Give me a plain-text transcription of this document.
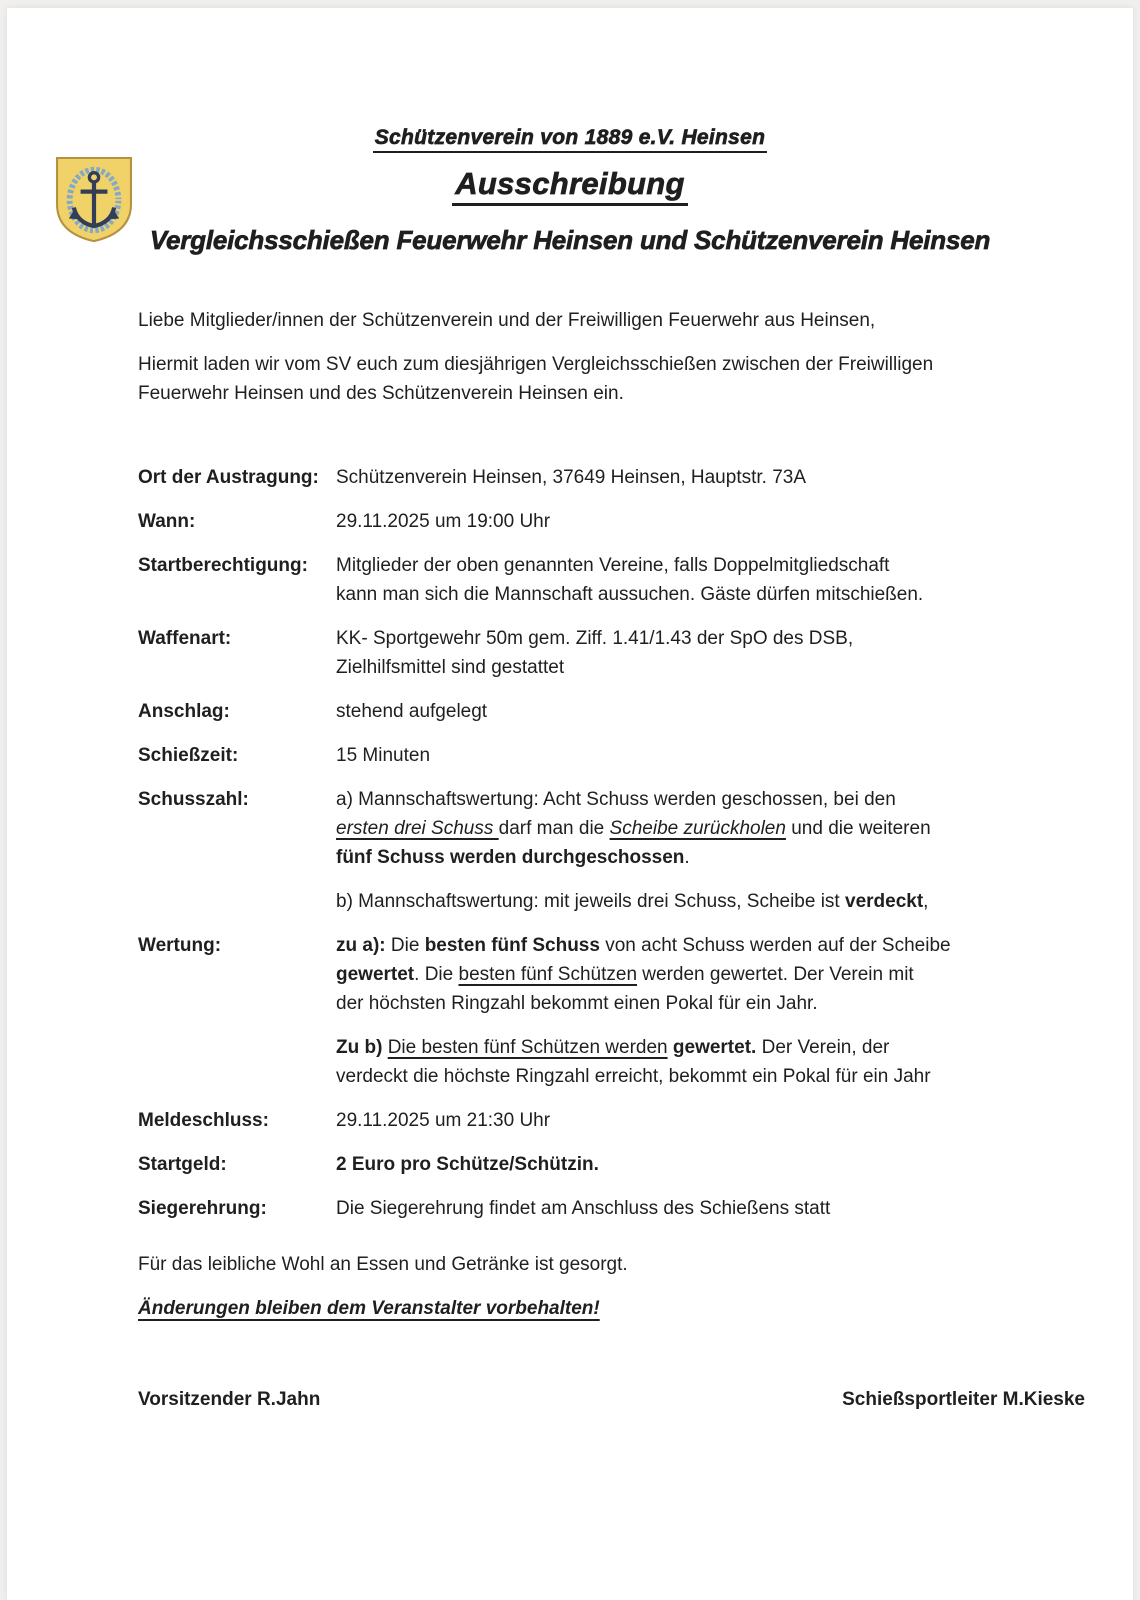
Schützenverein von 1889 e.V. Heinsen
Ausschreibung
Vergleichsschießen Feuerwehr Heinsen und Schützenverein Heinsen
Liebe Mitglieder/innen der Schützenverein und der Freiwilligen Feuerwehr aus Heinsen,
Hiermit laden wir vom SV euch zum diesjährigen Vergleichsschießen zwischen der Freiwilligen
Feuerwehr Heinsen und des Schützenverein Heinsen ein.
Ort der Austragung: Schützenverein Heinsen, 37649 Heinsen, Hauptstr. 73A
Wann:	29.11.2025 um 19:00 Uhr
Startberechtigung:	Mitglieder der oben genannten Vereine, falls Doppelmitgliedschaft
kann man sich die Mannschaft aussuchen. Gäste dürfen mitschießen.
Waffenart:	KK- Sportgewehr 50m gem. Ziff. 1.41/1.43 der SpO des DSB,
Zielhilfsmittel sind gestattet
Anschlag:	stehend aufgelegt
Schießzeit:	15 Minuten
Schusszahl:	a) Mannschaftswertung: Acht Schuss werden geschossen, bei den
ersten drei Schuss darf man die Scheibe zurückholen und die weiteren
fünf Schuss werden durchgeschossen.
b) Mannschaftswertung: mit jeweils drei Schuss, Scheibe ist verdeckt,
Wertung:	zu a): Die besten fünf Schuss von acht Schuss werden auf der Scheibe
gewertet. Die besten fünf Schützen werden gewertet. Der Verein mit
der höchsten Ringzahl bekommt einen Pokal für ein Jahr.
Zu b) Die besten fünf Schützen werden gewertet. Der Verein, der
verdeckt die höchste Ringzahl erreicht, bekommt ein Pokal für ein Jahr
Meldeschluss:	29.11.2025 um 21:30 Uhr
Startgeld:	2 Euro pro Schütze/Schützin.
Siegerehrung:	Die Siegerehrung findet am Anschluss des Schießens statt
Für das leibliche Wohl an Essen und Getränke ist gesorgt.
Änderungen bleiben dem Veranstalter vorbehalten!
Vorsitzender R.Jahn	Schießsportleiter M.Kieske
